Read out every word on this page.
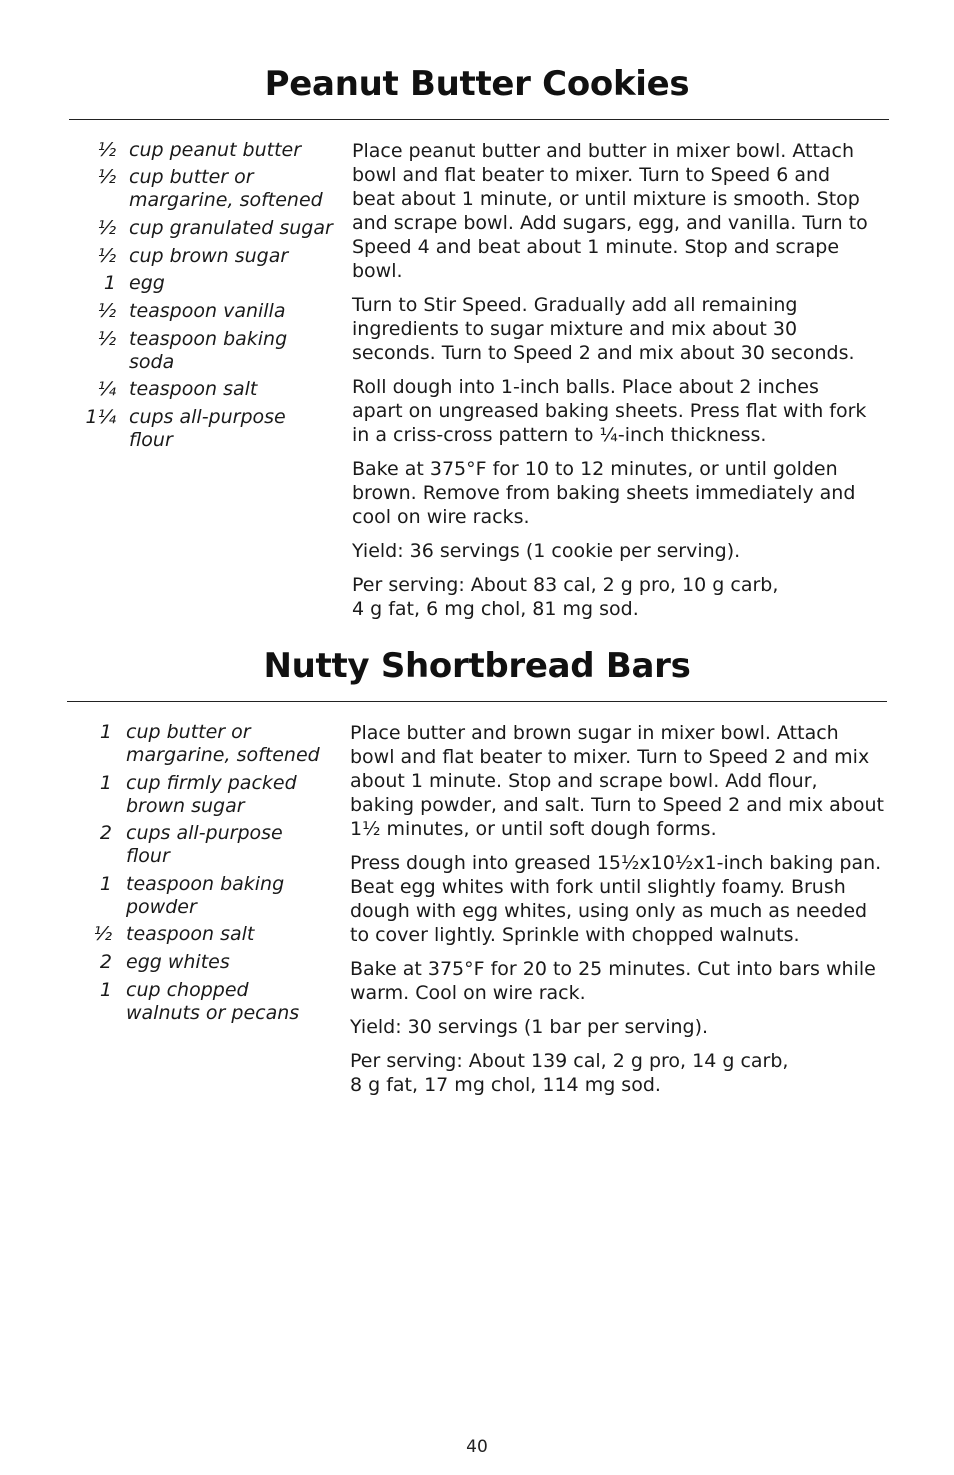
Peanut Butter Cookies
½ cup peanut butter
½ cup butter or margarine, softened
½ cup granulated sugar
½ cup brown sugar
1 egg
½ teaspoon vanilla
½ teaspoon baking soda
¼ teaspoon salt
1¼ cups all-purpose flour

Place peanut butter and butter in mixer bowl. Attach bowl and flat beater to mixer. Turn to Speed 6 and beat about 1 minute, or until mixture is smooth. Stop and scrape bowl. Add sugars, egg, and vanilla. Turn to Speed 4 and beat about 1 minute. Stop and scrape bowl.

Turn to Stir Speed. Gradually add all remaining ingredients to sugar mixture and mix about 30 seconds. Turn to Speed 2 and mix about 30 seconds.

Roll dough into 1-inch balls. Place about 2 inches apart on ungreased baking sheets. Press flat with fork in a criss-cross pattern to ¼-inch thickness.

Bake at 375°F for 10 to 12 minutes, or until golden brown. Remove from baking sheets immediately and cool on wire racks.

Yield: 36 servings (1 cookie per serving).

Per serving: About 83 cal, 2 g pro, 10 g carb, 4 g fat, 6 mg chol, 81 mg sod.

Nutty Shortbread Bars
1 cup butter or margarine, softened
1 cup firmly packed brown sugar
2 cups all-purpose flour
1 teaspoon baking powder
½ teaspoon salt
2 egg whites
1 cup chopped walnuts or pecans

Place butter and brown sugar in mixer bowl. Attach bowl and flat beater to mixer. Turn to Speed 2 and mix about 1 minute. Stop and scrape bowl. Add flour, baking powder, and salt. Turn to Speed 2 and mix about 1½ minutes, or until soft dough forms.

Press dough into greased 15½x10½x1-inch baking pan. Beat egg whites with fork until slightly foamy. Brush dough with egg whites, using only as much as needed to cover lightly. Sprinkle with chopped walnuts.

Bake at 375°F for 20 to 25 minutes. Cut into bars while warm. Cool on wire rack.

Yield: 30 servings (1 bar per serving).

Per serving: About 139 cal, 2 g pro, 14 g carb, 8 g fat, 17 mg chol, 114 mg sod.

40
